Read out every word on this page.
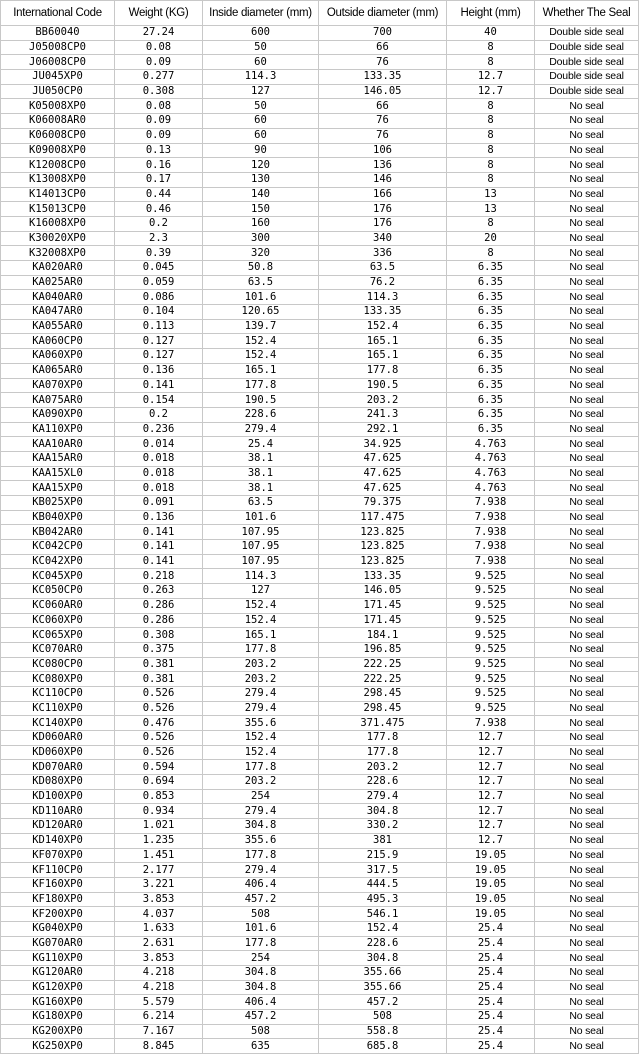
International Code	Weight (KG)	Inside diameter (mm)	Outside diameter (mm)	Height (mm)	Whether The Seal
BB60040	27.24	600	700	40	Double side seal
J05008CP0	0.08	50	66	8	Double side seal
J06008CP0	0.09	60	76	8	Double side seal
JU045XP0	0.277	114.3	133.35	12.7	Double side seal
JU050CP0	0.308	127	146.05	12.7	Double side seal
K05008XP0	0.08	50	66	8	No seal
K06008AR0	0.09	60	76	8	No seal
K06008CP0	0.09	60	76	8	No seal
K09008XP0	0.13	90	106	8	No seal
K12008CP0	0.16	120	136	8	No seal
K13008XP0	0.17	130	146	8	No seal
K14013CP0	0.44	140	166	13	No seal
K15013CP0	0.46	150	176	13	No seal
K16008XP0	0.2	160	176	8	No seal
K30020XP0	2.3	300	340	20	No seal
K32008XP0	0.39	320	336	8	No seal
KA020AR0	0.045	50.8	63.5	6.35	No seal
KA025AR0	0.059	63.5	76.2	6.35	No seal
KA040AR0	0.086	101.6	114.3	6.35	No seal
KA047AR0	0.104	120.65	133.35	6.35	No seal
KA055AR0	0.113	139.7	152.4	6.35	No seal
KA060CP0	0.127	152.4	165.1	6.35	No seal
KA060XP0	0.127	152.4	165.1	6.35	No seal
KA065AR0	0.136	165.1	177.8	6.35	No seal
KA070XP0	0.141	177.8	190.5	6.35	No seal
KA075AR0	0.154	190.5	203.2	6.35	No seal
KA090XP0	0.2	228.6	241.3	6.35	No seal
KA110XP0	0.236	279.4	292.1	6.35	No seal
KAA10AR0	0.014	25.4	34.925	4.763	No seal
KAA15AR0	0.018	38.1	47.625	4.763	No seal
KAA15XL0	0.018	38.1	47.625	4.763	No seal
KAA15XP0	0.018	38.1	47.625	4.763	No seal
KB025XP0	0.091	63.5	79.375	7.938	No seal
KB040XP0	0.136	101.6	117.475	7.938	No seal
KB042AR0	0.141	107.95	123.825	7.938	No seal
KC042CP0	0.141	107.95	123.825	7.938	No seal
KC042XP0	0.141	107.95	123.825	7.938	No seal
KC045XP0	0.218	114.3	133.35	9.525	No seal
KC050CP0	0.263	127	146.05	9.525	No seal
KC060AR0	0.286	152.4	171.45	9.525	No seal
KC060XP0	0.286	152.4	171.45	9.525	No seal
KC065XP0	0.308	165.1	184.1	9.525	No seal
KC070AR0	0.375	177.8	196.85	9.525	No seal
KC080CP0	0.381	203.2	222.25	9.525	No seal
KC080XP0	0.381	203.2	222.25	9.525	No seal
KC110CP0	0.526	279.4	298.45	9.525	No seal
KC110XP0	0.526	279.4	298.45	9.525	No seal
KC140XP0	0.476	355.6	371.475	7.938	No seal
KD060AR0	0.526	152.4	177.8	12.7	No seal
KD060XP0	0.526	152.4	177.8	12.7	No seal
KD070AR0	0.594	177.8	203.2	12.7	No seal
KD080XP0	0.694	203.2	228.6	12.7	No seal
KD100XP0	0.853	254	279.4	12.7	No seal
KD110AR0	0.934	279.4	304.8	12.7	No seal
KD120AR0	1.021	304.8	330.2	12.7	No seal
KD140XP0	1.235	355.6	381	12.7	No seal
KF070XP0	1.451	177.8	215.9	19.05	No seal
KF110CP0	2.177	279.4	317.5	19.05	No seal
KF160XP0	3.221	406.4	444.5	19.05	No seal
KF180XP0	3.853	457.2	495.3	19.05	No seal
KF200XP0	4.037	508	546.1	19.05	No seal
KG040XP0	1.633	101.6	152.4	25.4	No seal
KG070AR0	2.631	177.8	228.6	25.4	No seal
KG110XP0	3.853	254	304.8	25.4	No seal
KG120AR0	4.218	304.8	355.66	25.4	No seal
KG120XP0	4.218	304.8	355.66	25.4	No seal
KG160XP0	5.579	406.4	457.2	25.4	No seal
KG180XP0	6.214	457.2	508	25.4	No seal
KG200XP0	7.167	508	558.8	25.4	No seal
KG250XP0	8.845	635	685.8	25.4	No seal
